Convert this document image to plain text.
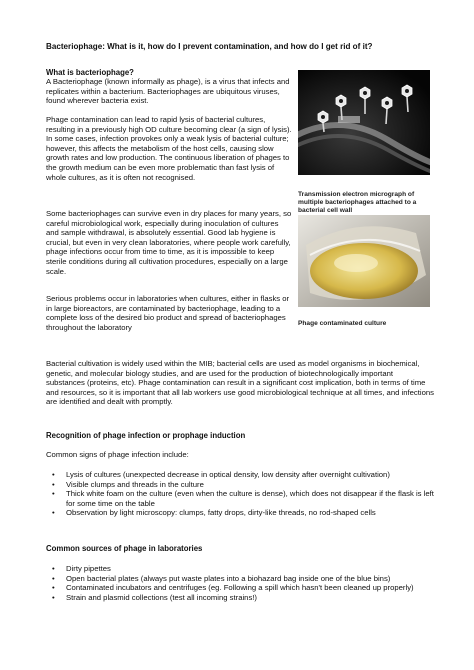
Bacteriophage: What is it, how do I prevent contamination, and how do I get rid of it?

What is bacteriophage?

A Bacteriophage (known informally as phage), is a virus that infects and replicates within a bacterium. Bacteriophages are ubiquitous viruses, found wherever bacteria exist.

Phage contamination can lead to rapid lysis of bacterial cultures, resulting in a previously high OD culture becoming clear (a sign of lysis). In some cases, infection provokes only a weak lysis of bacterial culture; however, this affects the metabolism of the host cells, causing slow growth rates and low production. The continuous liberation of phages to the growth medium can be even more problematic than fast lysis of whole cultures, as it is often not recognised.

Some bacteriophages can survive even in dry places for many years, so careful microbiological work, especially during inoculation of cultures and sample withdrawal, is absolutely essential. Good lab hygiene is crucial, but even in very clean laboratories, where people work carefully, phage infections occur from time to time, as it is impossible to keep sterile conditions during all cultivation procedures, especially on a large scale.

Serious problems occur in laboratories when cultures, either in flasks or in large bioreactors, are contaminated by bacteriophage, leading to a complete loss of the desired bio product and spread of bacteriophages throughout the laboratory

Bacterial cultivation is widely used within the MIB; bacterial cells are used as model organisms in biochemical, genetic, and molecular biology studies, and are used for the production of biotechnologically important substances (proteins, etc). Phage contamination can result in a significant cost implication, both in terms of time and resources, so it is important that all lab workers use good microbiological technique at all times, and infections are identified and dealt with promptly.

Transmission electron micrograph of multiple bacteriophages attached to a bacterial cell wall

Phage contaminated culture

Recognition of phage infection or prophage induction

Common signs of phage infection include:

• Lysis of cultures (unexpected decrease in optical density, low density after overnight cultivation)
• Visible clumps and threads in the culture
• Thick white foam on the culture (even when the culture is dense), which does not disappear if the flask is left for some time on the table
• Observation by light microscopy: clumps, fatty drops, dirty-like threads, no rod-shaped cells

Common sources of phage in laboratories

• Dirty pipettes
• Open bacterial plates (always put waste plates into a biohazard bag inside one of the blue bins)
• Contaminated incubators and centrifuges (eg. Following a spill which hasn't been cleaned up properly)
• Strain and plasmid collections (test all incoming strains!)
